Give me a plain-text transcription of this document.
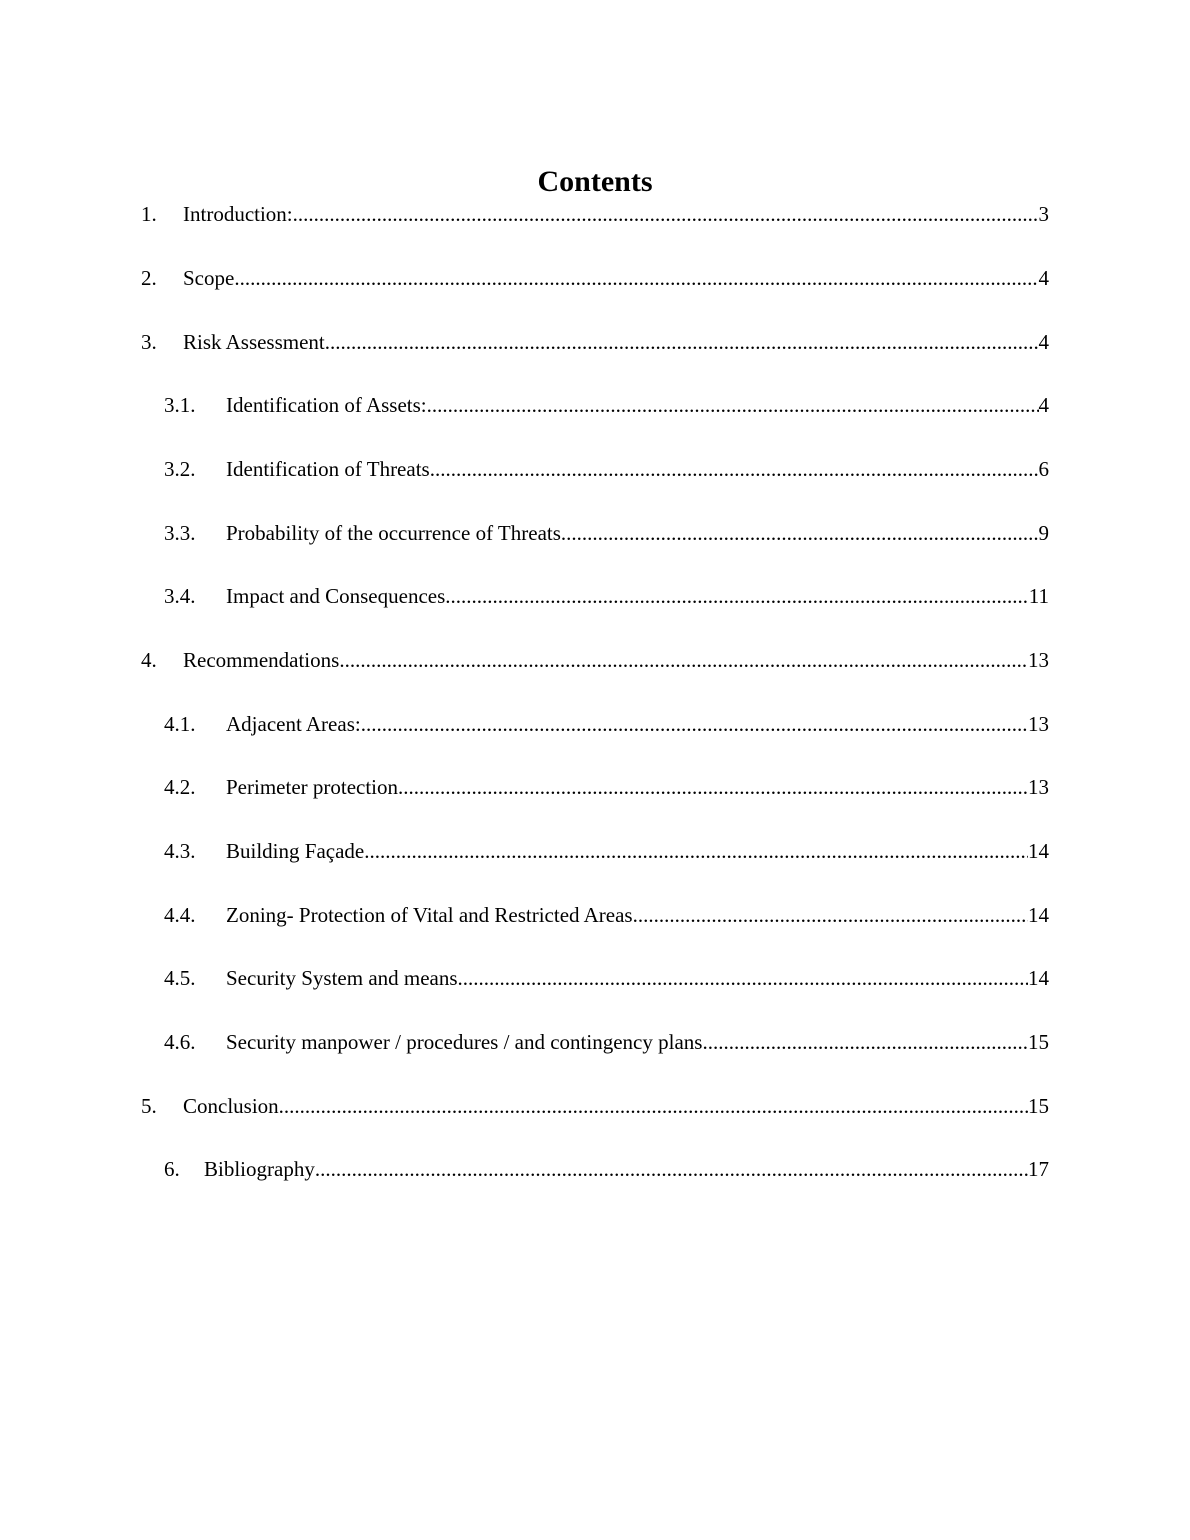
Contents
1.	Introduction: .....	3
2.	Scope .....	4
3.	Risk Assessment .....	4
3.1.	Identification of Assets: .....	4
3.2.	Identification of Threats .....	6
3.3.	Probability of the occurrence of Threats .....	9
3.4.	Impact and Consequences .....	11
4.	Recommendations .....	13
4.1.	Adjacent Areas: .....	13
4.2.	Perimeter protection .....	13
4.3.	Building Façade .....	14
4.4.	Zoning- Protection of Vital and Restricted Areas .....	14
4.5.	Security System and means .....	14
4.6.	Security manpower / procedures / and contingency plans .....	15
5.	Conclusion .....	15
6.	Bibliography .....	17
